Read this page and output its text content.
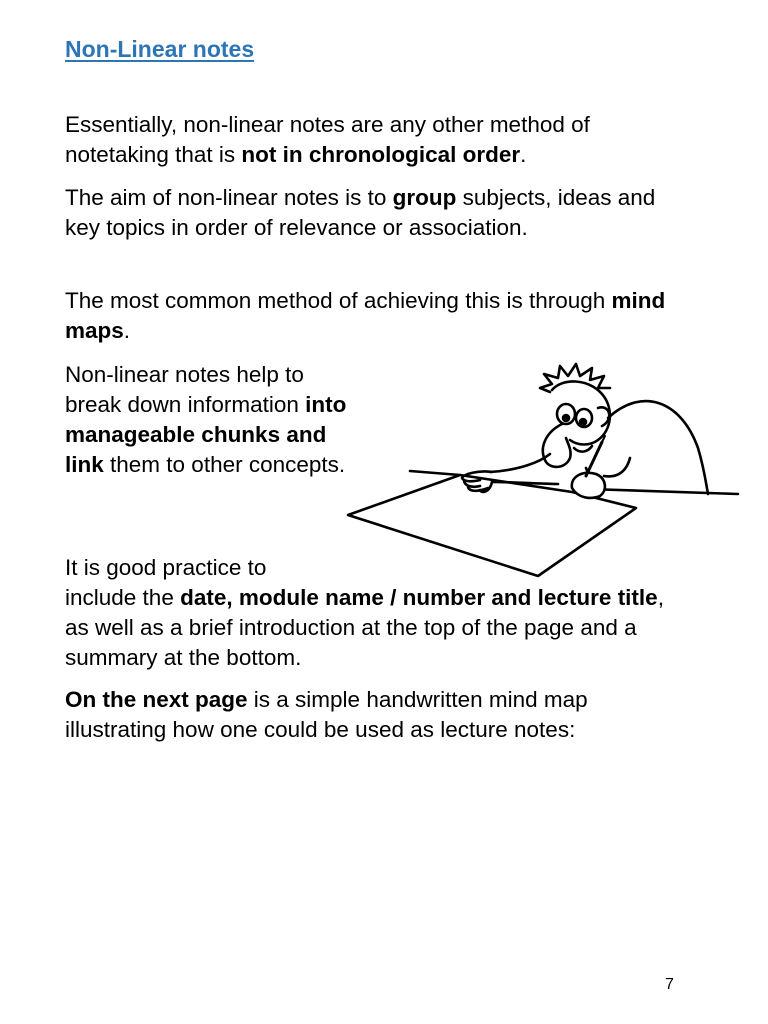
Non-Linear notes

Essentially, non-linear notes are any other method of notetaking that is not in chronological order.

The aim of non-linear notes is to group subjects, ideas and key topics in order of relevance or association.

The most common method of achieving this is through mind maps.

Non-linear notes help to break down information into manageable chunks and link them to other concepts.

It is good practice to
include the date, module name / number and lecture title, as well as a brief introduction at the top of the page and a summary at the bottom.

On the next page is a simple handwritten mind map illustrating how one could be used as lecture notes:

7
